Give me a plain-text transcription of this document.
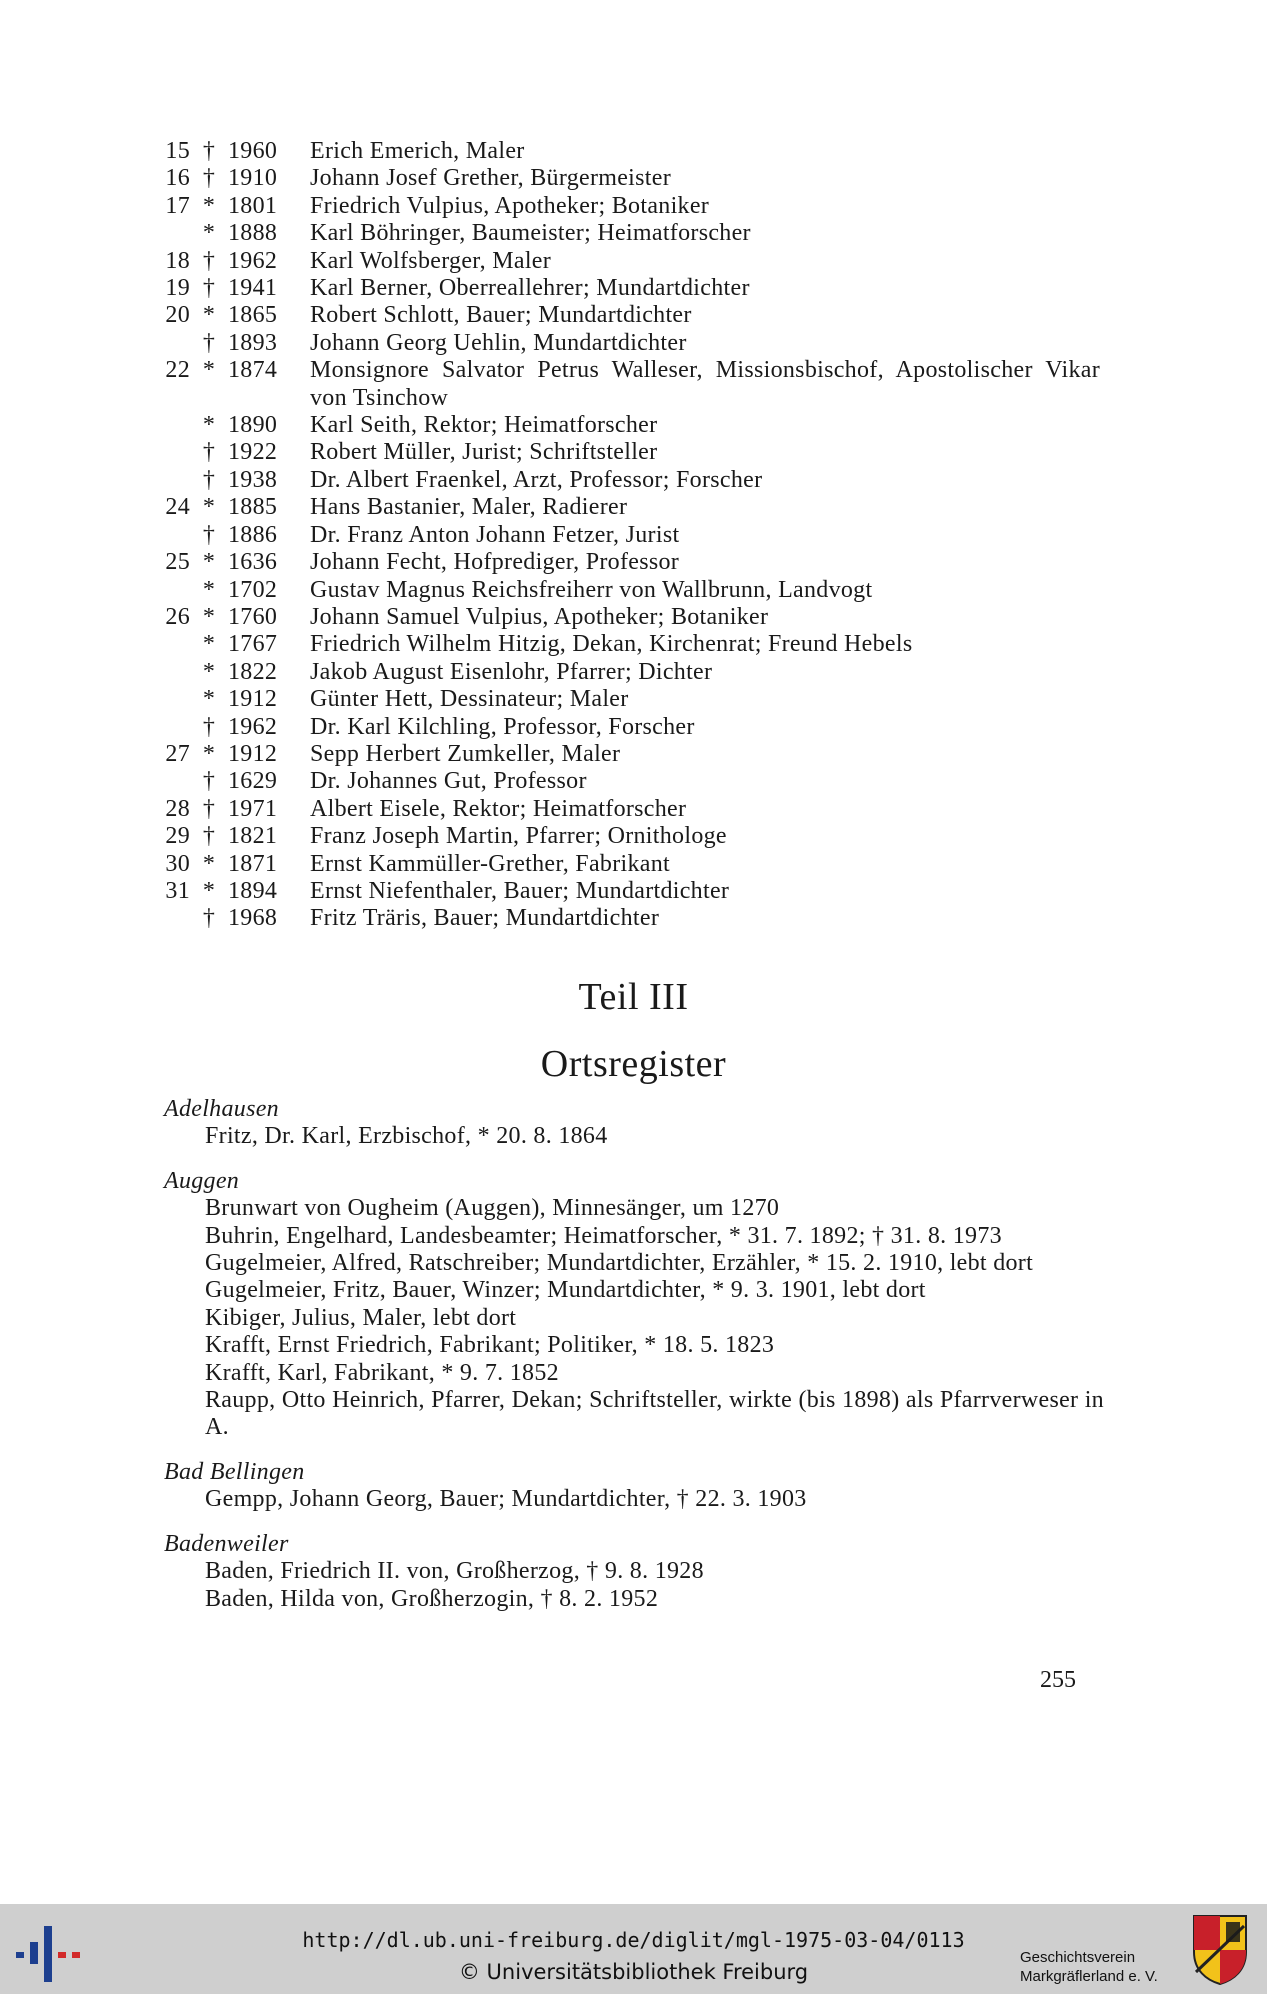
15 † 1960 Erich Emerich, Maler
16 † 1910 Johann Josef Grether, Bürgermeister
17 * 1801 Friedrich Vulpius, Apotheker; Botaniker
* 1888 Karl Böhringer, Baumeister; Heimatforscher
18 † 1962 Karl Wolfsberger, Maler
19 † 1941 Karl Berner, Oberreallehrer; Mundartdichter
20 * 1865 Robert Schlott, Bauer; Mundartdichter
† 1893 Johann Georg Uehlin, Mundartdichter
22 * 1874 Monsignore Salvator Petrus Walleser, Missionsbischof, Apostolischer Vikar von Tsinchow
* 1890 Karl Seith, Rektor; Heimatforscher
† 1922 Robert Müller, Jurist; Schriftsteller
† 1938 Dr. Albert Fraenkel, Arzt, Professor; Forscher
24 * 1885 Hans Bastanier, Maler, Radierer
† 1886 Dr. Franz Anton Johann Fetzer, Jurist
25 * 1636 Johann Fecht, Hofprediger, Professor
* 1702 Gustav Magnus Reichsfreiherr von Wallbrunn, Landvogt
26 * 1760 Johann Samuel Vulpius, Apotheker; Botaniker
* 1767 Friedrich Wilhelm Hitzig, Dekan, Kirchenrat; Freund Hebels
* 1822 Jakob August Eisenlohr, Pfarrer; Dichter
* 1912 Günter Hett, Dessinateur; Maler
† 1962 Dr. Karl Kilchling, Professor, Forscher
27 * 1912 Sepp Herbert Zumkeller, Maler
† 1629 Dr. Johannes Gut, Professor
28 † 1971 Albert Eisele, Rektor; Heimatforscher
29 † 1821 Franz Joseph Martin, Pfarrer; Ornithologe
30 * 1871 Ernst Kammüller-Grether, Fabrikant
31 * 1894 Ernst Niefenthaler, Bauer; Mundartdichter
† 1968 Fritz Träris, Bauer; Mundartdichter
Teil III
Ortsregister
Adelhausen
Fritz, Dr. Karl, Erzbischof, * 20. 8. 1864
Auggen
Brunwart von Ougheim (Auggen), Minnesänger, um 1270
Buhrin, Engelhard, Landesbeamter; Heimatforscher, * 31. 7. 1892; † 31. 8. 1973
Gugelmeier, Alfred, Ratschreiber; Mundartdichter, Erzähler, * 15. 2. 1910, lebt dort
Gugelmeier, Fritz, Bauer, Winzer; Mundartdichter, * 9. 3. 1901, lebt dort
Kibiger, Julius, Maler, lebt dort
Krafft, Ernst Friedrich, Fabrikant; Politiker, * 18. 5. 1823
Krafft, Karl, Fabrikant, * 9. 7. 1852
Raupp, Otto Heinrich, Pfarrer, Dekan; Schriftsteller, wirkte (bis 1898) als Pfarrverweser in A.
Bad Bellingen
Gempp, Johann Georg, Bauer; Mundartdichter, † 22. 3. 1903
Badenweiler
Baden, Friedrich II. von, Großherzog, † 9. 8. 1928
Baden, Hilda von, Großherzogin, † 8. 2. 1952
255
http://dl.ub.uni-freiburg.de/diglit/mgl-1975-03-04/0113
© Universitätsbibliothek Freiburg
Geschichtsverein
Markgräflerland e. V.
